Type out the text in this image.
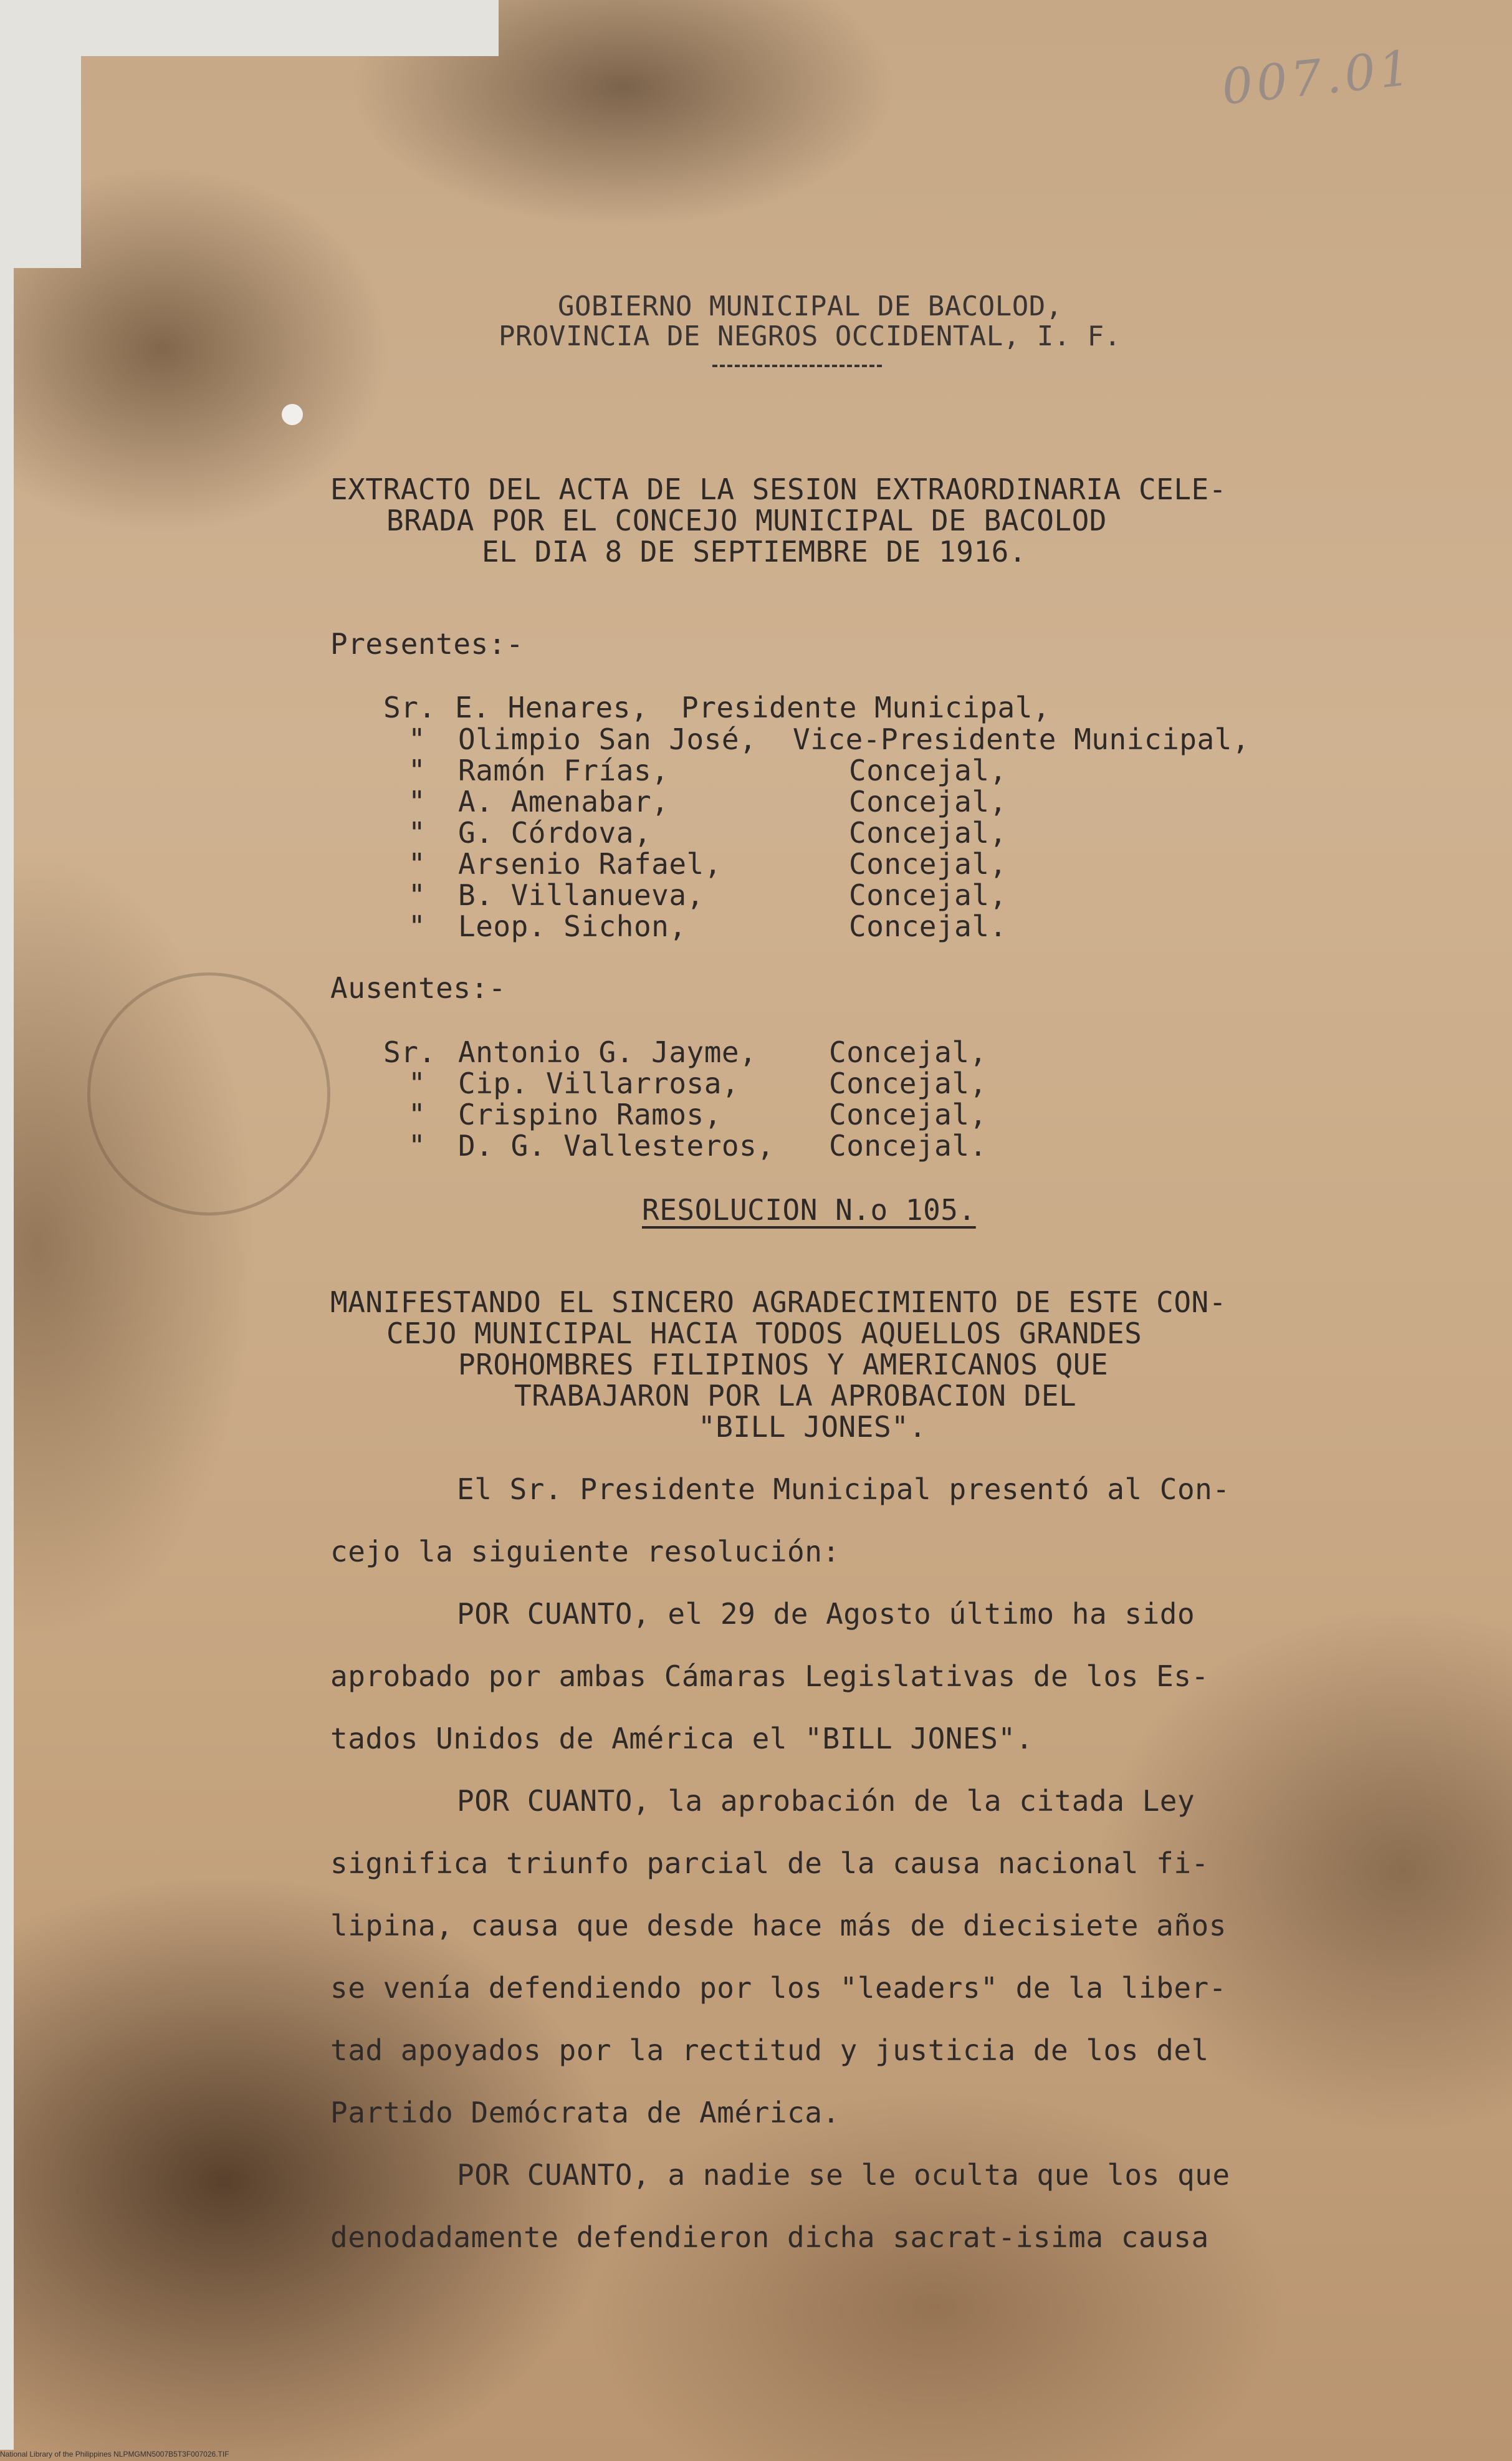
007.01
GOBIERNO MUNICIPAL DE BACOLOD,
PROVINCIA DE NEGROS OCCIDENTAL, I. F.
EXTRACTO DEL ACTA DE LA SESION EXTRAORDINARIA CELE-
BRADA POR EL CONCEJO MUNICIPAL DE BACOLOD
EL DIA 8 DE SEPTIEMBRE DE 1916.
Presentes:-
Sr. E. Henares, Presidente Municipal,
" Olimpio San José, Vice-Presidente Municipal,
" Ramón Frías,	Concejal,
" A. Amenabar,	Concejal,
" G. Córdova,	Concejal,
" Arsenio Rafael,	Concejal,
" B. Villanueva,	Concejal,
" Leop. Sichon,	Concejal.
Ausentes:-
Sr. Antonio G. Jayme,	Concejal,
" Cip. Villarrosa,	Concejal,
" Crispino Ramos,	Concejal,
" D. G. Vallesteros, Concejal.
RESOLUCION N.o 105.
MANIFESTANDO EL SINCERO AGRADECIMIENTO DE ESTE CON-
CEJO MUNICIPAL HACIA TODOS AQUELLOS GRANDES
PROHOMBRES FILIPINOS Y AMERICANOS QUE
TRABAJARON POR LA APROBACION DEL
"BILL JONES".
El Sr. Presidente Municipal presentó al Con-
cejo la siguiente resolución:
POR CUANTO, el 29 de Agosto último ha sido
aprobado por ambas Cámaras Legislativas de los Es-
tados Unidos de América el "BILL JONES".
POR CUANTO, la aprobación de la citada Ley
significa triunfo parcial de la causa nacional fi-
lipina, causa que desde hace más de diecisiete años
se venía defendiendo por los "leaders" de la liber-
tad apoyados por la rectitud y justicia de los del
Partido Demócrata de América.
POR CUANTO, a nadie se le oculta que los que
denodadamente defendieron dicha sacrat-isima causa
National Library of the Philippines NLPMGMN5007B5T3F007026.TIF
